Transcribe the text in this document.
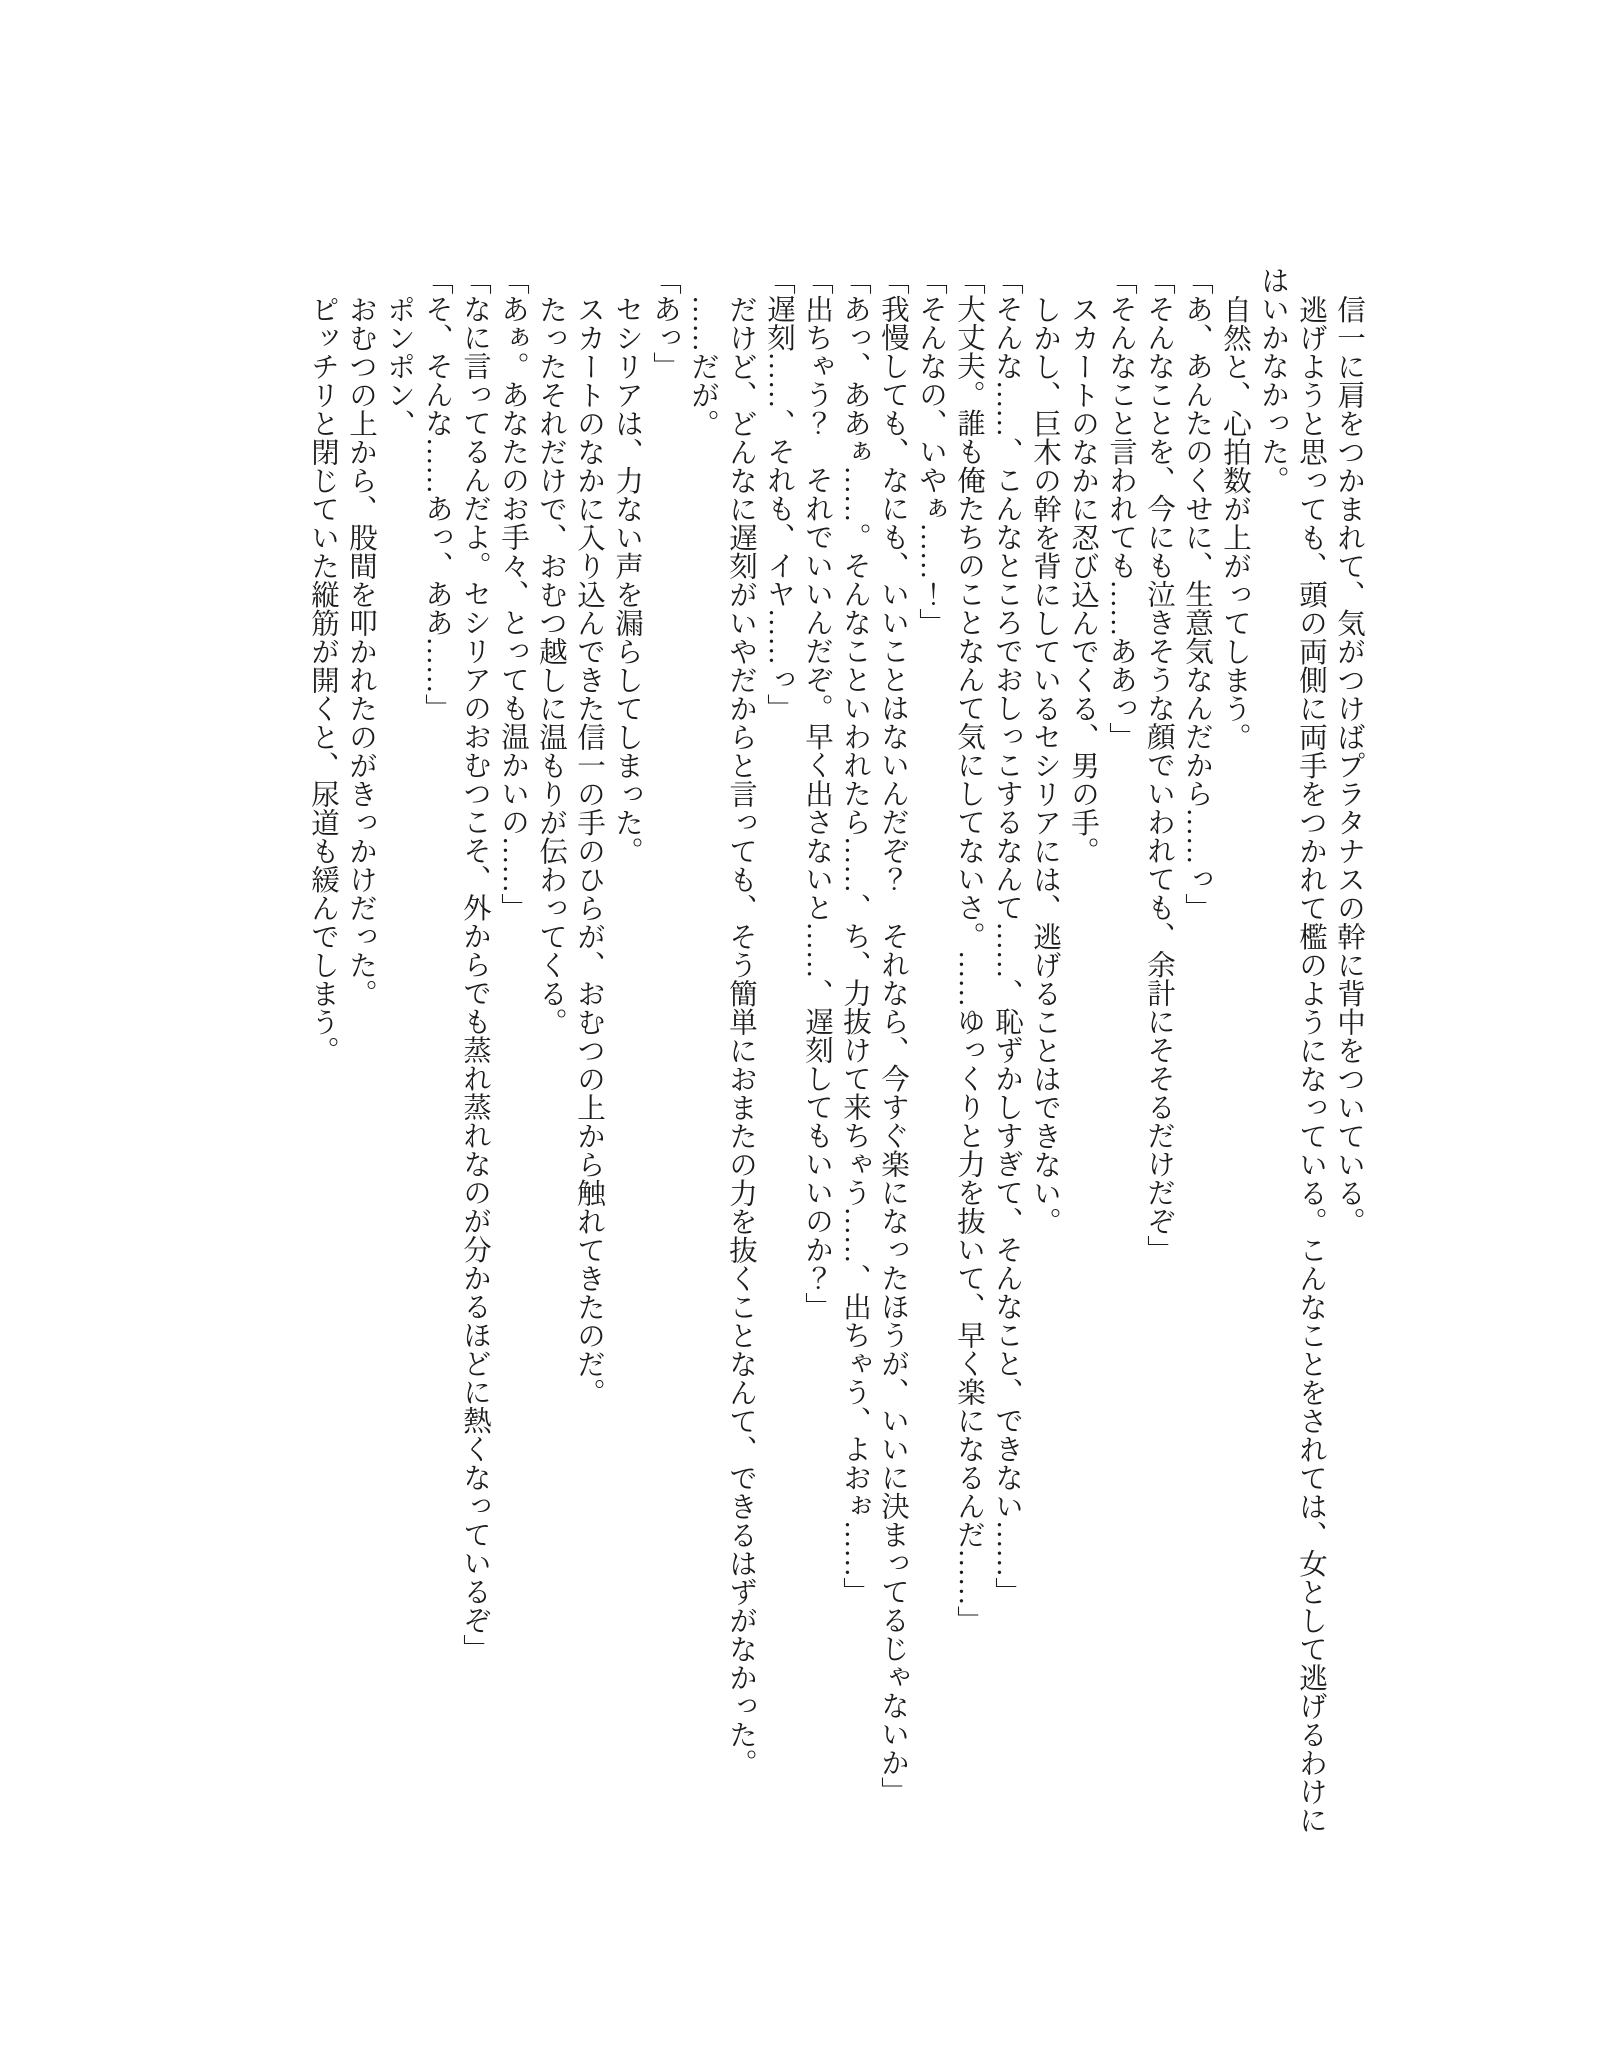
信一に肩をつかまれて、気がつけばプラタナスの幹に背中をついている。

逃げようと思っても、頭の両側に両手をつかれて檻のようになっている。こんなことをされては、女として逃げるわけにはいかなかった。

自然と、心拍数が上がってしまう。

「あ、あんたのくせに、生意気なんだから……っ」

「そんなことを、今にも泣きそうな顔でいわれても、余計にそそるだけだぞ」

「そんなこと言われても……ああっ」

スカートのなかに忍び込んでくる、男の手。

しかし、巨木の幹を背にしているセシリアには、逃げることはできない。

「そんな……、こんなところでおしっこするなんて……、恥ずかしすぎて、そんなこと、できない……」

「大丈夫。誰も俺たちのことなんて気にしてないさ。……ゆっくりと力を抜いて、早く楽になるんだ……」

「そんなの、いやぁ……！」

「我慢しても、なにも、いいことはないんだぞ？　それなら、今すぐ楽になったほうが、いいに決まってるじゃないか」

「あっ、ああぁ……。そんなこといわれたら……、ち、力抜けて来ちゃう……、出ちゃう、よおぉ……」

「出ちゃう？　それでいいんだぞ。早く出さないと……、遅刻してもいいのか？」

「遅刻……、それも、イヤ……っ」

だけど、どんなに遅刻がいやだからと言っても、そう簡単におまたの力を抜くことなんて、できるはずがなかった。

……だが。

「あっ」

セシリアは、力ない声を漏らしてしまった。

スカートのなかに入り込んできた信一の手のひらが、おむつの上から触れてきたのだ。

たったそれだけで、おむつ越しに温もりが伝わってくる。

「あぁ。あなたのお手々、とっても温かいの……」

「なに言ってるんだよ。セシリアのおむつこそ、外からでも蒸れ蒸れなのが分かるほどに熱くなっているぞ」

「そ、そんな……あっ、ああ……」

ポンポン、

おむつの上から、股間を叩かれたのがきっかけだった。

ピッチリと閉じていた縦筋が開くと、尿道も緩んでしまう。
